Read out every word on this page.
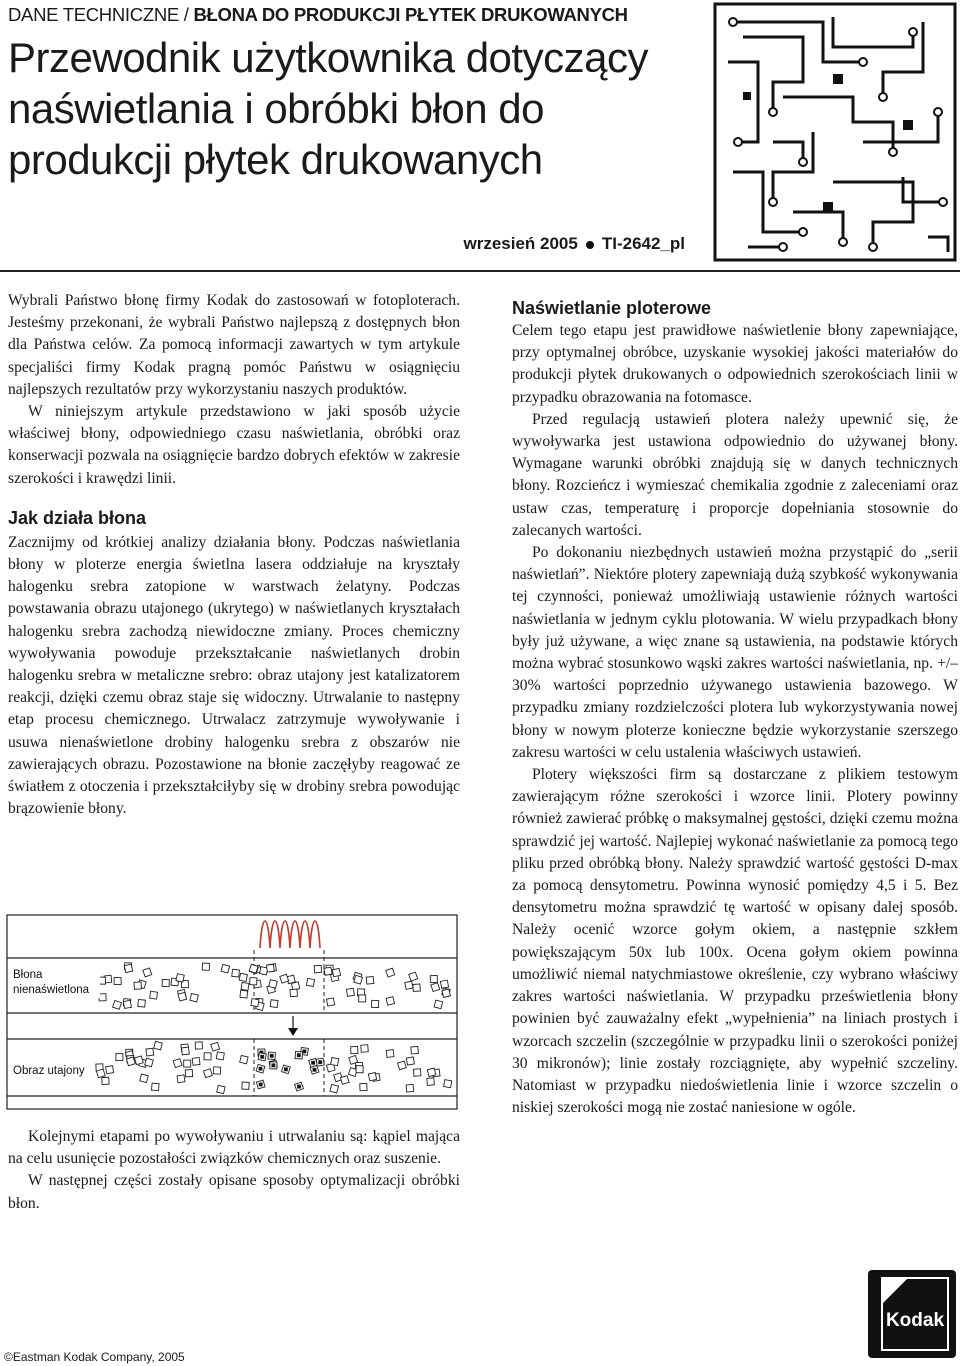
DANE TECHNICZNE / BŁONA DO PRODUKCJI PŁYTEK DRUKOWANYCH
Przewodnik użytkownika dotyczący naświetlania i obróbki błon do produkcji płytek drukowanych
wrzesień 2005 TI-2642_pl

Wybrali Państwo błonę firmy Kodak do zastosowań w fotoploterach. Jesteśmy przekonani, że wybrali Państwo najlepszą z dostępnych błon dla Państwa celów. Za pomocą informacji zawartych w tym artykule specjaliści firmy Kodak pragną pomóc Państwu w osiągnięciu najlepszych rezultatów przy wykorzystaniu naszych produktów.

W niniejszym artykule przedstawiono w jaki sposób użycie właściwej błony, odpowiedniego czasu naświetlania, obróbki oraz konserwacji pozwala na osiągnięcie bardzo dobrych efektów w zakresie szerokości i krawędzi linii.

Jak działa błona

Zacznijmy od krótkiej analizy działania błony. Podczas naświetlania błony w ploterze energia świetlna lasera oddziałuje na kryształy halogenku srebra zatopione w warstwach żelatyny. Podczas powstawania obrazu utajonego (ukrytego) w naświetlanych kryształach halogenku srebra zachodzą niewidoczne zmiany. Proces chemiczny wywoływania powoduje przekształcanie naświetlanych drobin halogenku srebra w metaliczne srebro: obraz utajony jest katalizatorem reakcji, dzięki czemu obraz staje się widoczny. Utrwalanie to następny etap procesu chemicznego. Utrwalacz zatrzymuje wywoływanie i usuwa nienaświetlone drobiny halogenku srebra z obszarów nie zawierających obrazu. Pozostawione na błonie zaczęłyby reagować ze światłem z otoczenia i przekształciłyby się w drobiny srebra powodując brązowienie błony.

Błona nienaświetlona
Obraz utajony

Kolejnymi etapami po wywoływaniu i utrwalaniu są: kąpiel mająca na celu usunięcie pozostałości związków chemicznych oraz suszenie.

W następnej części zostały opisane sposoby optymalizacji obróbki błon.

Naświetlanie ploterowe

Celem tego etapu jest prawidłowe naświetlenie błony zapewniające, przy optymalnej obróbce, uzyskanie wysokiej jakości materiałów do produkcji płytek drukowanych o odpowiednich szerokościach linii w przypadku obrazowania na fotomasce.

Przed regulacją ustawień plotera należy upewnić się, że wywoływarka jest ustawiona odpowiednio do używanej błony. Wymagane warunki obróbki znajdują się w danych technicznych błony. Rozcieńcz i wymieszać chemikalia zgodnie z zaleceniami oraz ustaw czas, temperaturę i proporcje dopełniania stosownie do zalecanych wartości.

Po dokonaniu niezbędnych ustawień można przystąpić do „serii naświetlań”. Niektóre plotery zapewniają dużą szybkość wykonywania tej czynności, ponieważ umożliwiają ustawienie różnych wartości naświetlania w jednym cyklu plotowania. W wielu przypadkach błony były już używane, a więc znane są ustawienia, na podstawie których można wybrać stosunkowo wąski zakres wartości naświetlania, np. +/–30% wartości poprzednio używanego ustawienia bazowego. W przypadku zmiany rozdzielczości plotera lub wykorzystywania nowej błony w nowym ploterze konieczne będzie wykorzystanie szerszego zakresu wartości w celu ustalenia właściwych ustawień.

Plotery większości firm są dostarczane z plikiem testowym zawierającym różne szerokości i wzorce linii. Plotery powinny również zawierać próbkę o maksymalnej gęstości, dzięki czemu można sprawdzić jej wartość. Najlepiej wykonać naświetlanie za pomocą tego pliku przed obróbką błony. Należy sprawdzić wartość gęstości D-max za pomocą densytometru. Powinna wynosić pomiędzy 4,5 i 5. Bez densytometru można sprawdzić tę wartość w opisany dalej sposób. Należy ocenić wzorce gołym okiem, a następnie szkłem powiększającym 50x lub 100x. Ocena gołym okiem powinna umożliwić niemal natychmiastowe określenie, czy wybrano właściwy zakres wartości naświetlania. W przypadku prześwietlenia błony powinien być zauważalny efekt „wypełnienia” na liniach prostych i wzorcach szczelin (szczególnie w przypadku linii o szerokości poniżej 30 mikronów); linie zostały rozciągnięte, aby wypełnić szczeliny. Natomiast w przypadku niedoświetlenia linie i wzorce szczelin o niskiej szerokości mogą nie zostać naniesione w ogóle.

©Eastman Kodak Company, 2005
Kodak
